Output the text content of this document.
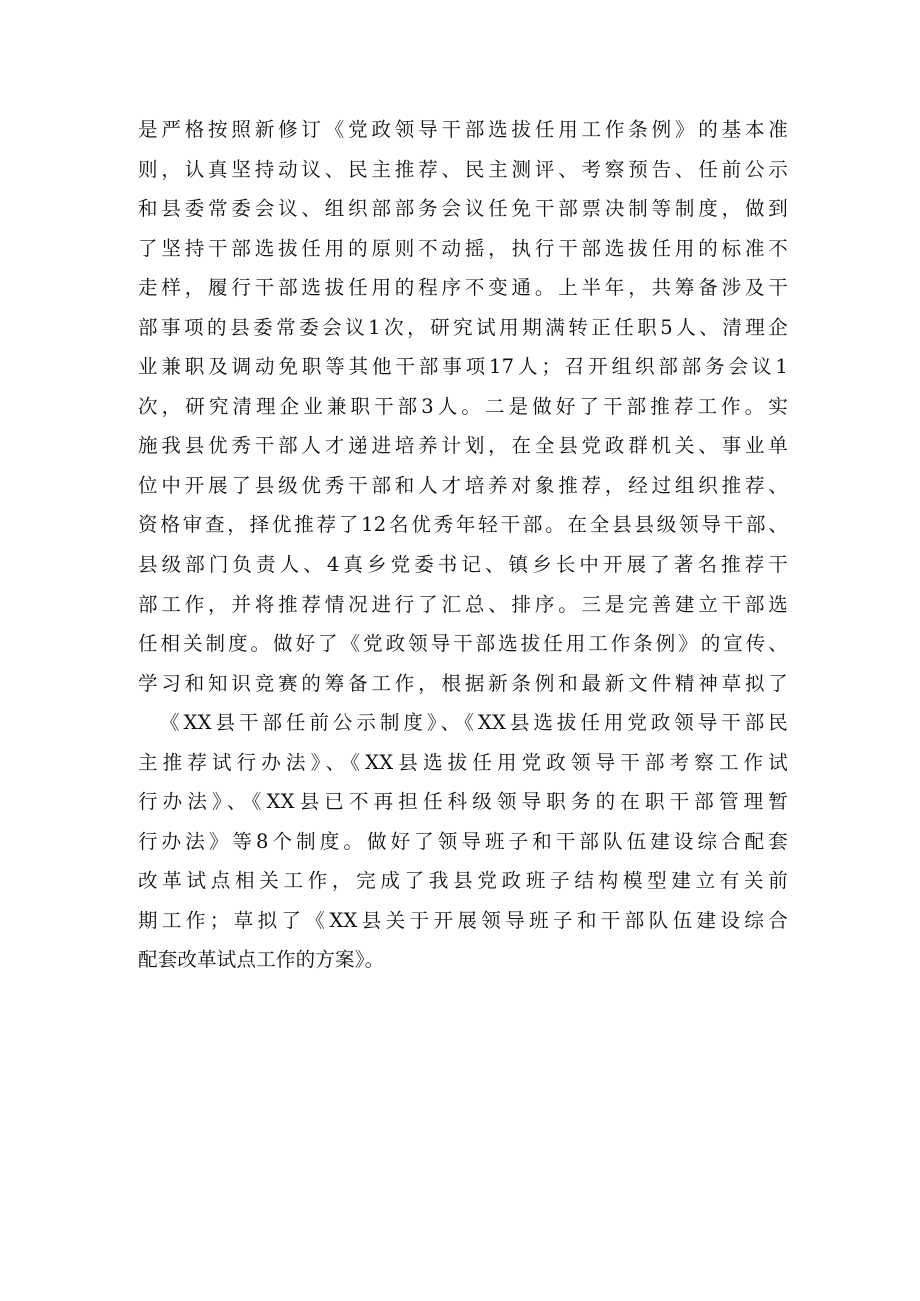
是严格按照新修订《党政领导干部选拔任用工作条例》的基本准
则，认真坚持动议、民主推荐、民主测评、考察预告、任前公示
和县委常委会议、组织部部务会议任免干部票决制等制度，做到
了坚持干部选拔任用的原则不动摇，执行干部选拔任用的标准不
走样，履行干部选拔任用的程序不变通。上半年，共筹备涉及干
部事项的县委常委会议1次，研究试用期满转正任职5人、清理企
业兼职及调动免职等其他干部事项17人；召开组织部部务会议1
次，研究清理企业兼职干部3人。二是做好了干部推荐工作。实
施我县优秀干部人才递进培养计划，在全县党政群机关、事业单
位中开展了县级优秀干部和人才培养对象推荐，经过组织推荐、
资格审查，择优推荐了12名优秀年轻干部。在全县县级领导干部、
县级部门负责人、4真乡党委书记、镇乡长中开展了著名推荐干
部工作，并将推荐情况进行了汇总、排序。三是完善建立干部选
任相关制度。做好了《党政领导干部选拔任用工作条例》的宣传、
学习和知识竞赛的筹备工作，根据新条例和最新文件精神草拟了
《XX县干部任前公示制度》、《XX县选拔任用党政领导干部民
主推荐试行办法》、《XX县选拔任用党政领导干部考察工作试
行办法》、《XX县已不再担任科级领导职务的在职干部管理暂
行办法》等8个制度。做好了领导班子和干部队伍建设综合配套
改革试点相关工作，完成了我县党政班子结构模型建立有关前
期工作；草拟了《XX县关于开展领导班子和干部队伍建设综合
配套改革试点工作的方案》。
